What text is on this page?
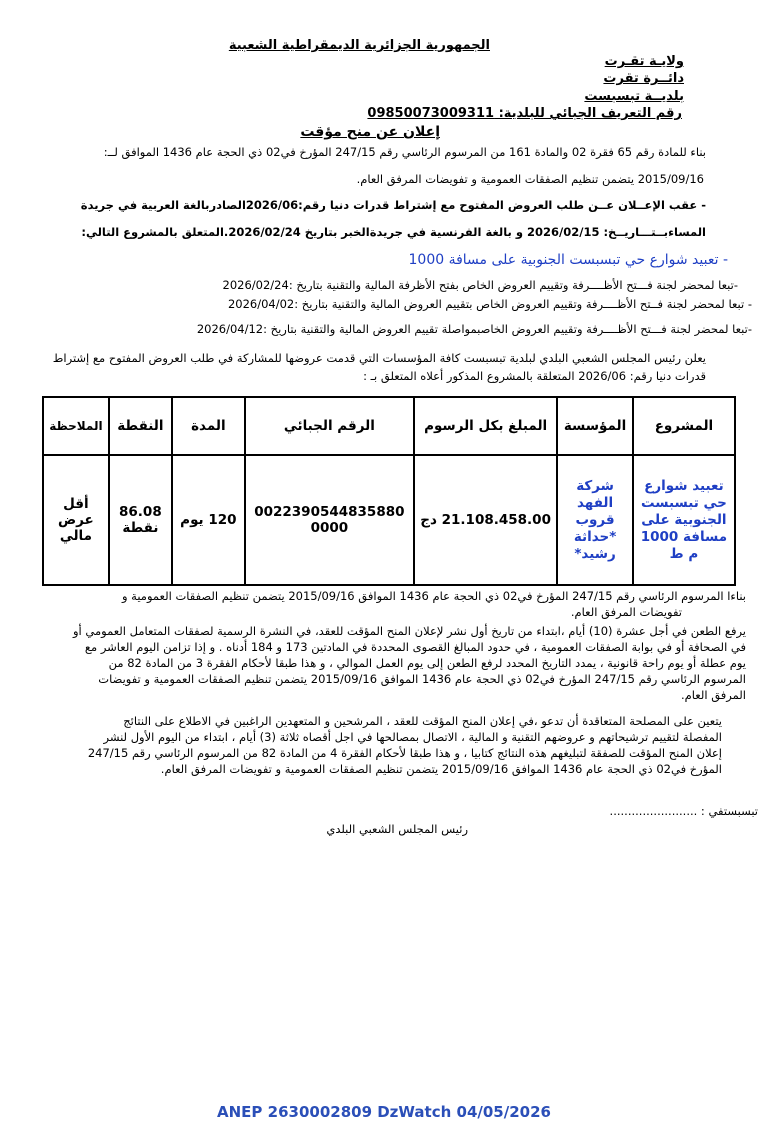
الجمهورية الجزائرية الديمقراطية الشعبية
ولايـة تقـرت
دائــرة تقرت
بلديــة تبسبست
رقم التعريف الجبائي للبلدية: 09850073009311
إعلان عن منح مؤقت
بناء للمادة رقم 65 فقرة 02 والمادة 161 من المرسوم الرئاسي رقم 247/15 المؤرخ في02 ذي الحجة عام 1436 الموافق لــ:
2015/09/16 يتضمن تنظيم الصفقات العمومية و تفويضات المرفق العام.
- عقب الإعــلان عــن طلب العروض المفتوح مع إشتراط قدرات دنيا رقم:2026/06الصادربالغة العربية في جريدة
المساءبــتـــاريــخ: 2026/02/15 و بالغة الفرنسية في جريدةالخبر بتاريخ 2026/02/24.المتعلق بالمشروع التالي:
- تعبيد شوارع حي تبسبست الجنوبية على مسافة 1000
-تبعا لمحضر لجنة فـــتح الأظــــرفة وتقييم العروض الخاص بفتح الأظرفة المالية والتقنية بتاريخ :2026/02/24
- تبعا لمحضر لجنة فــتح الأظــــرفة وتقييم العروض الخاص بتقييم العروض المالية والتقنية بتاريخ :2026/04/02
-تبعا لمحضر لجنة فـــتح الأظــــرفة وتقييم العروض الخاصبمواصلة تقييم العروض المالية والتقنية بتاريخ :2026/04/12
يعلن رئيس المجلس الشعبي البلدي لبلدية تبسبست كافة المؤسسات التي قدمت عروضها للمشاركة في طلب العروض المفتوح مع إشتراط
قدرات دنيا رقم: 2026/06 المتعلقة بالمشروع المذكور أعلاه المتعلق بـ :
المشروع	المؤسسة	المبلغ بكل الرسوم	الرقم الجبائي	المدة	النقطة	الملاحظة
تعبيد شوارع حي تبسبست الجنوبية على مسافة 1000 م ط	شركة الفهد قروب *حداثة رشيد*	21.108.458.00 دج	00223905448358800000	120 يوم	86.08 نقطة	أقل عرض مالي
بناءا المرسوم الرئاسي رقم 247/15 المؤرخ في02 ذي الحجة عام 1436 الموافق 2015/09/16 يتضمن تنظيم الصفقات العمومية و
تفويضات المرفق العام.
يرفع الطعن في أجل عشرة (10) أيام ،ابتداء من تاريخ أول نشر لإعلان المنح المؤقت للعقد، في النشرة الرسمية لصفقات المتعامل العمومي أو
في الصحافة أو في بوابة الصفقات العمومية ، في حدود المبالغ القصوى المحددة في المادتين 173 و 184 أدناه . و إذا تزامن اليوم العاشر مع
يوم عطلة أو يوم راحة قانونية ، يمدد التاريخ المحدد لرفع الطعن إلى يوم العمل الموالي ، و هذا طبقا لأحكام الفقرة 3 من المادة 82 من
المرسوم الرئاسي رقم 247/15 المؤرخ في02 ذي الحجة عام 1436 الموافق 2015/09/16 يتضمن تنظيم الصفقات العمومية و تفويضات
المرفق العام.
يتعين على المصلحة المتعاقدة أن تدعو ،في إعلان المنح المؤقت للعقد ، المرشحين و المتعهدين الراغبين في الاطلاع على النتائج
المفصلة لتقييم ترشيحاتهم و عروضهم التقنية و المالية ، الاتصال بمصالحها في اجل أقصاه ثلاثة (3) أيام ، ابتداء من اليوم الأول لنشر
إعلان المنح المؤقت للصفقة لتبليغهم هذه النتائج كتابيا ، و هذا طبقا لأحكام الفقرة 4 من المادة 82 من المرسوم الرئاسي رقم 247/15
المؤرخ في02 ذي الحجة عام 1436 الموافق 2015/09/16 يتضمن تنظيم الصفقات العمومية و تفويضات المرفق العام.
تبسبستفي : ........................
رئيس المجلس الشعبي البلدي
ANEP 2630002809 DzWatch 04/05/2026
